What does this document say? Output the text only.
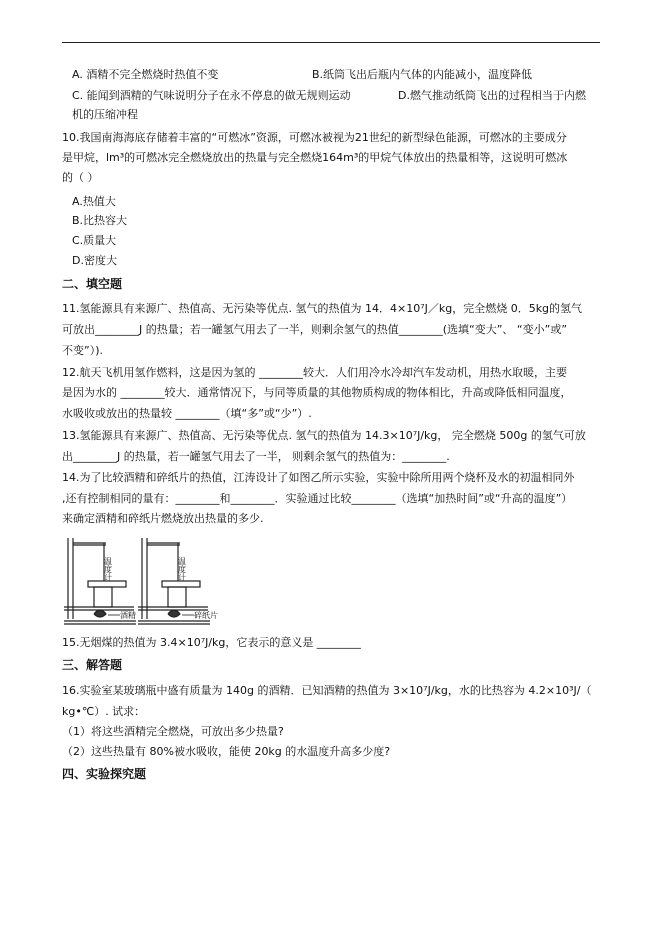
A. 酒精不完全燃烧时热值不变	B.纸筒飞出后瓶内气体的内能减小，温度降低
C. 能闻到酒精的气味说明分子在永不停息的做无规则运动	D.燃气推动纸筒飞出的过程相当于内燃
机的压缩冲程
10.我国南海海底存储着丰富的“可燃冰”资源，可燃冰被视为21世纪的新型绿色能源，可燃冰的主要成分
是甲烷，lm³的可燃冰完全燃烧放出的热量与完全燃烧164m³的甲烷气体放出的热量相等，这说明可燃冰
的（ ）
A.热值大
B.比热容大
C.质量大
D.密度大
二、填空题
11.氢能源具有来源广、热值高、无污染等优点. 氢气的热值为 14．4×10⁷J／kg，完全燃烧 0．5kg的氢气
可放出________J 的热量；若一罐氢气用去了一半，则剩余氢气的热值________(选填“变大”、 “变小”或”
不变”）).
12.航天飞机用氢作燃料，这是因为氢的 ________较大．人们用冷水冷却汽车发动机，用热水取暖，主要
是因为水的 ________较大．通常情况下，与同等质量的其他物质构成的物体相比，升高或降低相同温度，
水吸收或放出的热量较 ________（填“多”或“少”）.
13.氢能源具有来源广、热值高、无污染等优点. 氢气的热值为 14.3×10⁷J/kg， 完全燃烧 500g 的氢气可放
出________J 的热量，若一罐氢气用去了一半， 则剩余氢气的热值为：________.
14.为了比较酒精和碎纸片的热值，江涛设计了如图乙所示实验，实验中除所用两个烧杯及水的初温相同外
,还有控制相同的量有：________和________．实验通过比较________（选填“加热时间”或“升高的温度”）
来确定酒精和碎纸片燃烧放出热量的多少.
温度计	温度计
酒精	碎纸片
15.无烟煤的热值为 3.4×10⁷J/kg，它表示的意义是 ________
三、解答题
16.实验室某玻璃瓶中盛有质量为 140g 的酒精．已知酒精的热值为 3×10⁷J/kg，水的比热容为 4.2×10³J/（
kg•℃）. 试求：
（1）将这些酒精完全燃烧，可放出多少热量?
（2）这些热量有 80%被水吸收，能使 20kg 的水温度升高多少度?
四、实验探究题
